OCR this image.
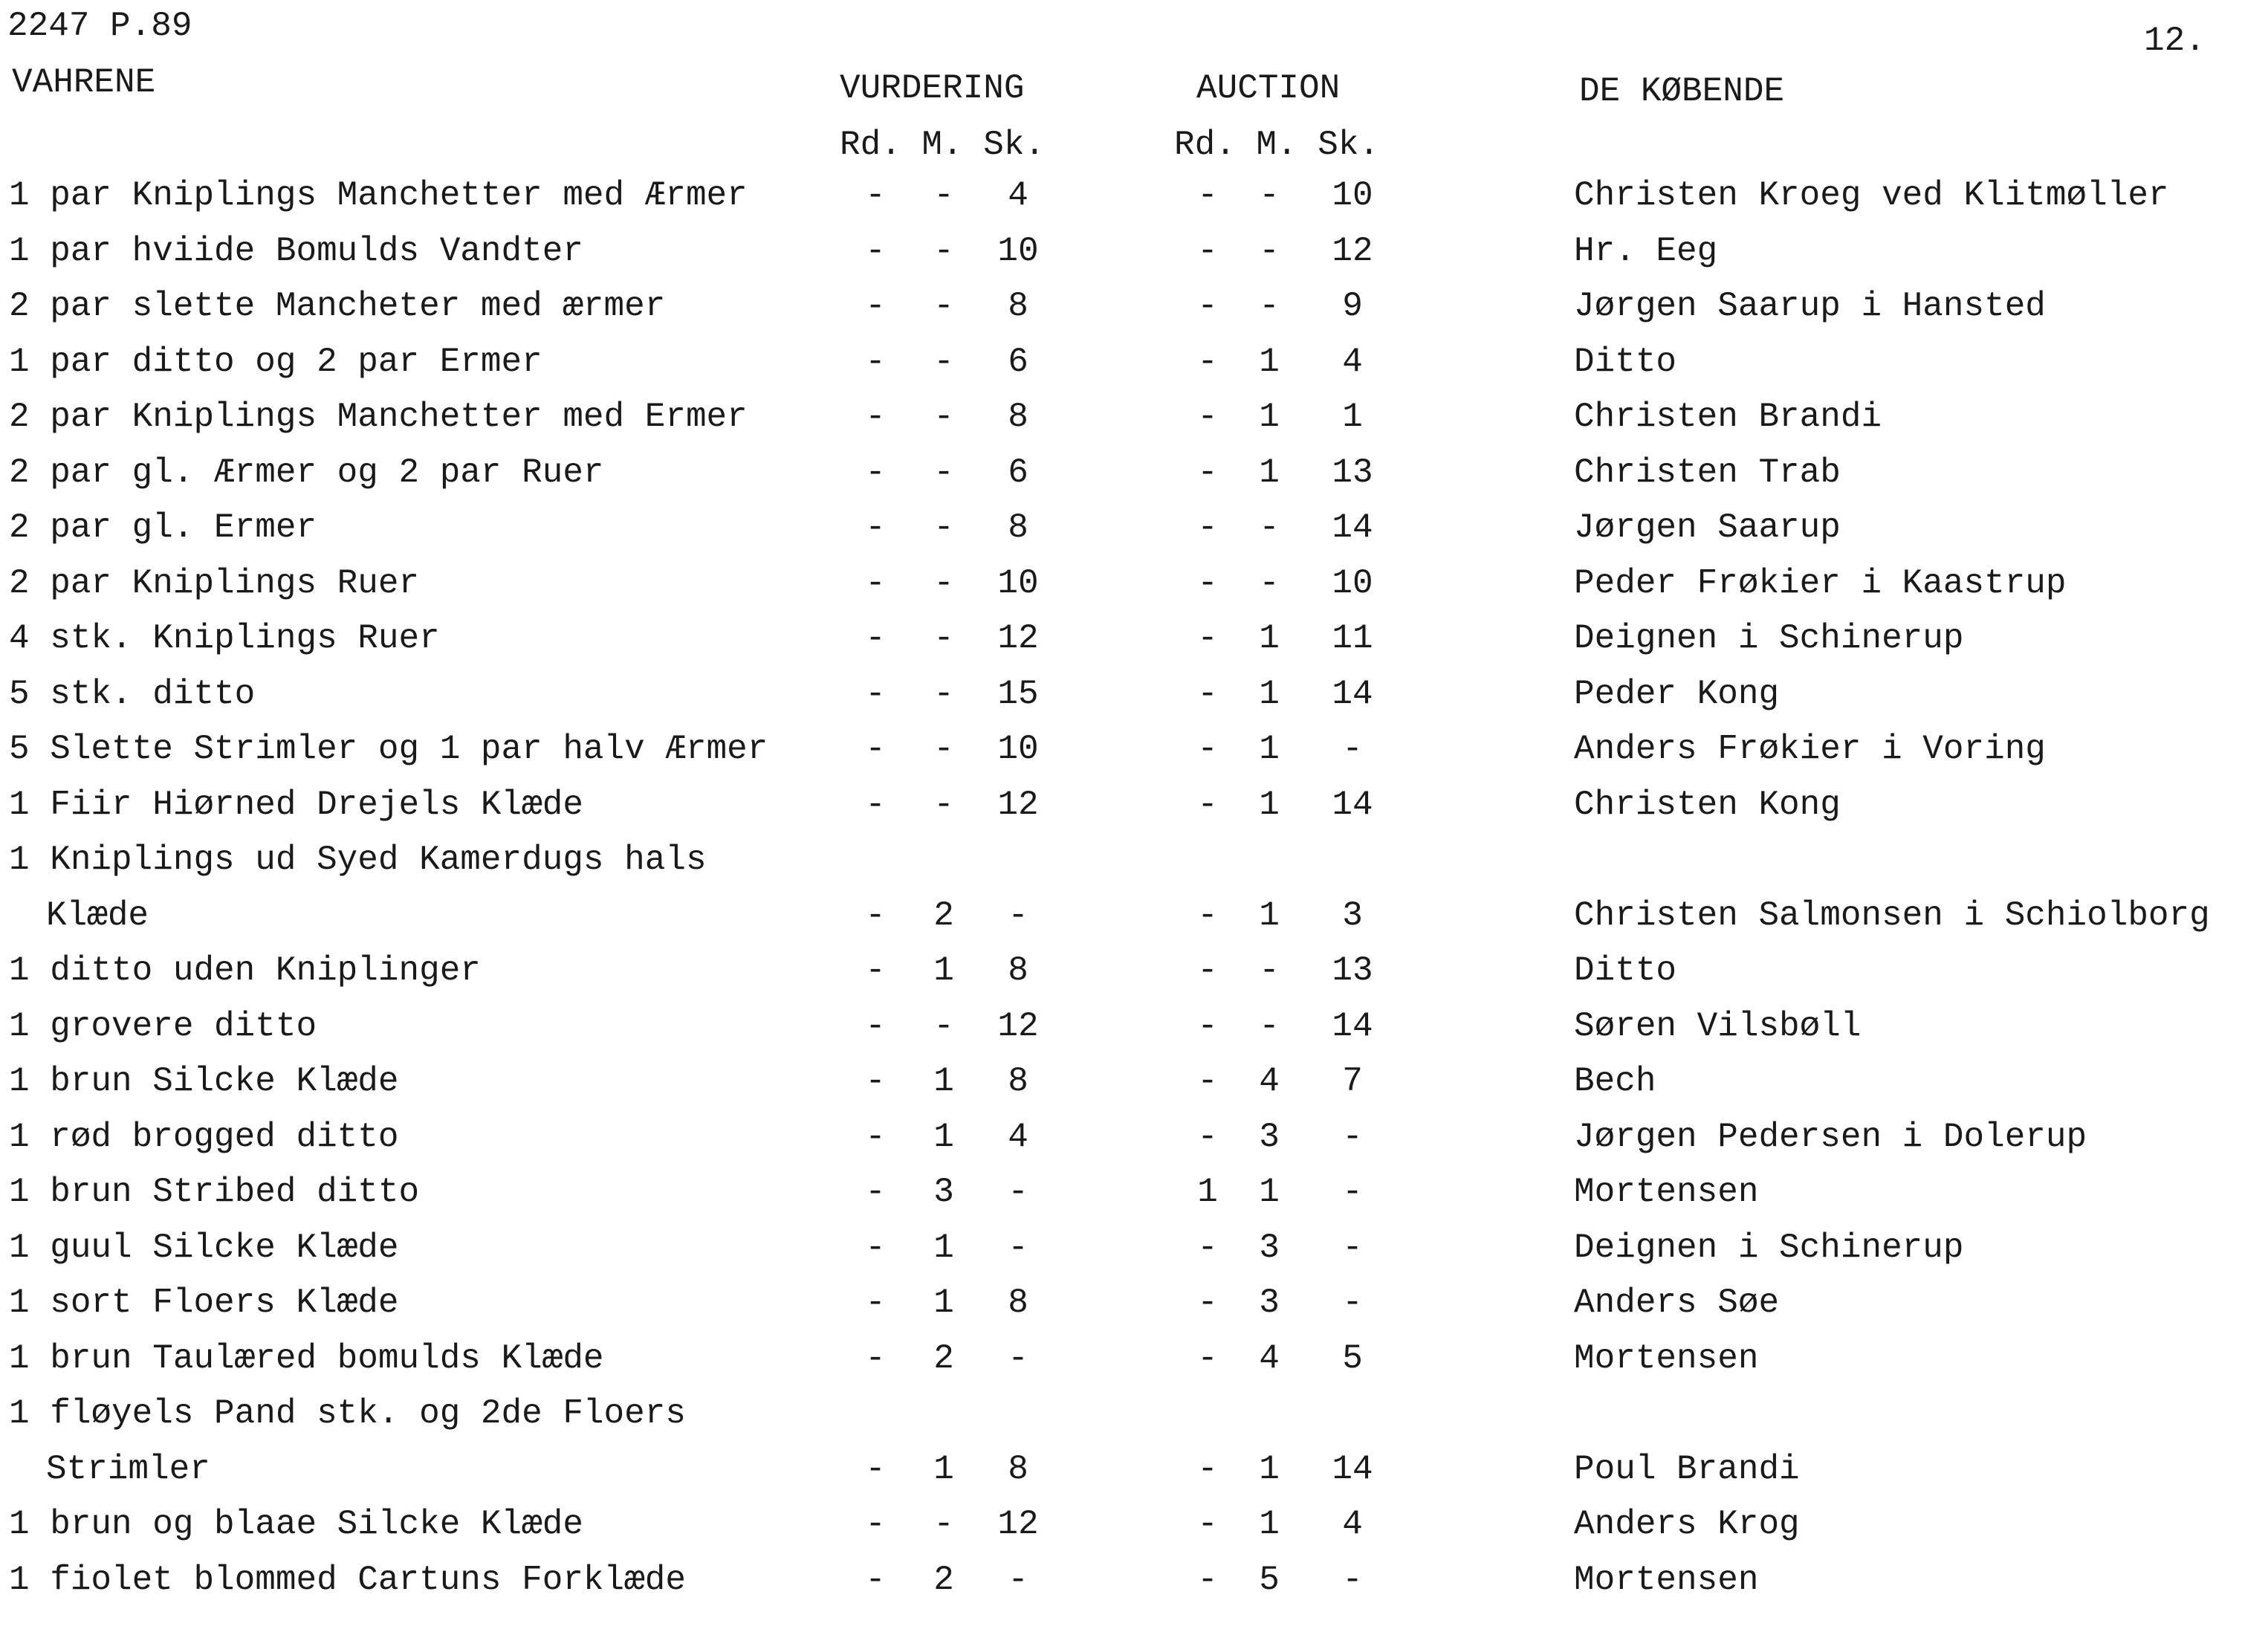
2247 P.89	12.
VAHRENE	VURDERING	AUCTION	DE KØBENDE
Rd. M. Sk.	Rd. M. Sk.
1 par Kniplings Manchetter med Ærmer	- -	4	- -	10	Christen Kroeg ved Klitmøller
1 par hviide Bomulds Vandter	- -	10	- -	12	Hr. Eeg
2 par slette Mancheter med ærmer	- -	8	- -	9	Jørgen Saarup i Hansted
1 par ditto og 2 par Ermer	- -	6	- 1	4	Ditto
2 par Kniplings Manchetter med Ermer	- -	8	- 1	1	Christen Brandi
2 par gl. Ærmer og 2 par Ruer	- -	6	- 1	13	Christen Trab
2 par gl. Ermer	- -	8	- -	14	Jørgen Saarup
2 par Kniplings Ruer	- -	10	- -	10	Peder Frøkier i Kaastrup
4 stk. Kniplings Ruer	- -	12	- 1	11	Deignen i Schinerup
5 stk. ditto	- -	15	- 1	14	Peder Kong
5 Slette Strimler og 1 par halv Ærmer	- -	10	- 1	-	Anders Frøkier i Voring
1 Fiir Hiørned Drejels Klæde	- -	12	- 1	14	Christen Kong
1 Kniplings ud Syed Kamerdugs hals
Klæde	- 2	-	- 1	3	Christen Salmonsen i Schiolborg
1 ditto uden Kniplinger	- 1	8	- -	13	Ditto
1 grovere ditto	- -	12	- -	14	Søren Vilsbøll
1 brun Silcke Klæde	- 1	8	- 4	7	Bech
1 rød brogged ditto	- 1	4	- 3	-	Jørgen Pedersen i Dolerup
1 brun Stribed ditto	- 3	-	1 1	-	Mortensen
1 guul Silcke Klæde	- 1	-	- 3	-	Deignen i Schinerup
1 sort Floers Klæde	- 1	8	- 3	-	Anders Søe
1 brun Taulæred bomulds Klæde	- 2	-	- 4	5	Mortensen
1 fløyels Pand stk. og 2de Floers
Strimler	- 1	8	- 1	14	Poul Brandi
1 brun og blaae Silcke Klæde	- -	12	- 1	4	Anders Krog
1 fiolet blommed Cartuns Forklæde	- 2	-	- 5	-	Mortensen
